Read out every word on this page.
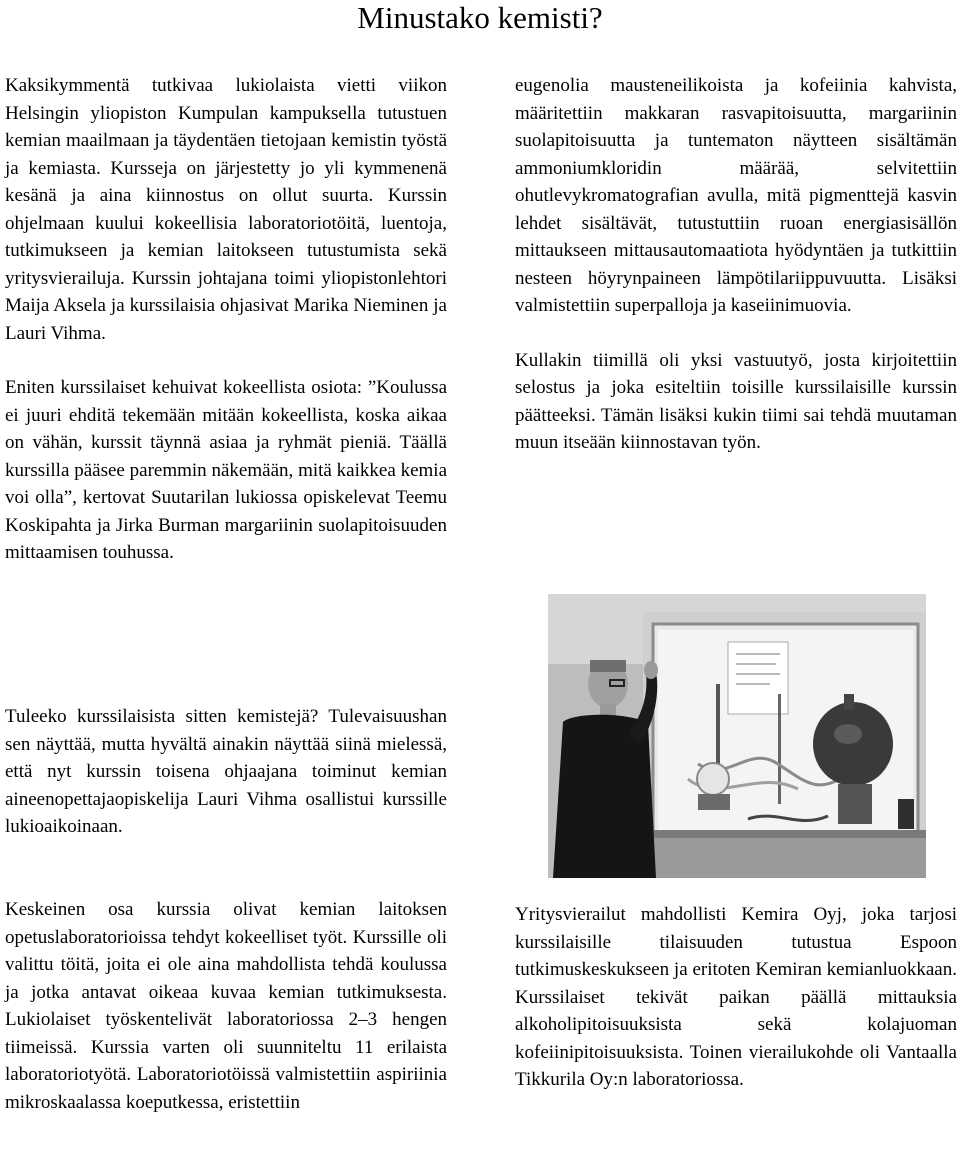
Minustako kemisti?

Kaksikymmentä tutkivaa lukiolaista vietti viikon Helsingin yliopiston Kumpulan kampuksella tutustuen kemian maailmaan ja täydentäen tietojaan kemistin työstä ja kemiasta. Kursseja on järjestetty jo yli kymmenenä kesänä ja aina kiinnostus on ollut suurta. Kurssin ohjelmaan kuului kokeellisia laboratoriotöitä, luentoja, tutkimukseen ja kemian laitokseen tutustumista sekä yritysvierailuja. Kurssin johtajana toimi yliopistonlehtori Maija Aksela ja kurssilaisia ohjasivat Marika Nieminen ja Lauri Vihma.

Eniten kurssilaiset kehuivat kokeellista osiota: ”Koulussa ei juuri ehditä tekemään mitään kokeellista, koska aikaa on vähän, kurssit täynnä asiaa ja ryhmät pieniä. Täällä kurssilla pääsee paremmin näkemään, mitä kaikkea kemia voi olla”, kertovat Suutarilan lukiossa opiskelevat Teemu Koskipahta ja Jirka Burman margariinin suolapitoisuuden mittaamisen touhussa.

Tuleeko kurssilaisista sitten kemistejä? Tulevaisuushan sen näyttää, mutta hyvältä ainakin näyttää siinä mielessä, että nyt kurssin toisena ohjaajana toiminut kemian aineenopettajaopiskelija Lauri Vihma osallistui kurssille lukioaikoinaan.

Keskeinen osa kurssia olivat kemian laitoksen opetuslaboratorioissa tehdyt kokeelliset työt. Kurssille oli valittu töitä, joita ei ole aina mahdollista tehdä koulussa ja jotka antavat oikeaa kuvaa kemian tutkimuksesta. Lukiolaiset työskentelivät laboratoriossa 2–3 hengen tiimeissä. Kurssia varten oli suunniteltu 11 erilaista laboratoriotyötä. Laboratoriotöissä valmistettiin aspiriinia mikroskaalassa koeputkessa, eristettiin

eugenolia mausteneilikoista ja kofeiinia kahvista, määritettiin makkaran rasvapitoisuutta, margariinin suolapitoisuutta ja tuntematon näytteen sisältämän ammoniumkloridin määrää, selvitettiin ohutlevykromatografian avulla, mitä pigmenttejä kasvin lehdet sisältävät, tutustuttiin ruoan energiasisällön mittaukseen mittausautomaatiota hyödyntäen ja tutkittiin nesteen höyrynpaineen lämpötilariippuvuutta. Lisäksi valmistettiin superpalloja ja kaseiinimuovia.

Kullakin tiimillä oli yksi vastuutyö, josta kirjoitettiin selostus ja joka esiteltiin toisille kurssilaisille kurssin päätteeksi. Tämän lisäksi kukin tiimi sai tehdä muutaman muun itseään kiinnostavan työn.

Yritysvierailut mahdollisti Kemira Oyj, joka tarjosi kurssilaisille tilaisuuden tutustua Espoon tutkimuskeskukseen ja eritoten Kemiran kemianluokkaan. Kurssilaiset tekivät paikan päällä mittauksia alkoholipitoisuuksista sekä kolajuoman kofeiinipitoisuuksista. Toinen vierailukohde oli Vantaalla Tikkurila Oy:n laboratoriossa.
